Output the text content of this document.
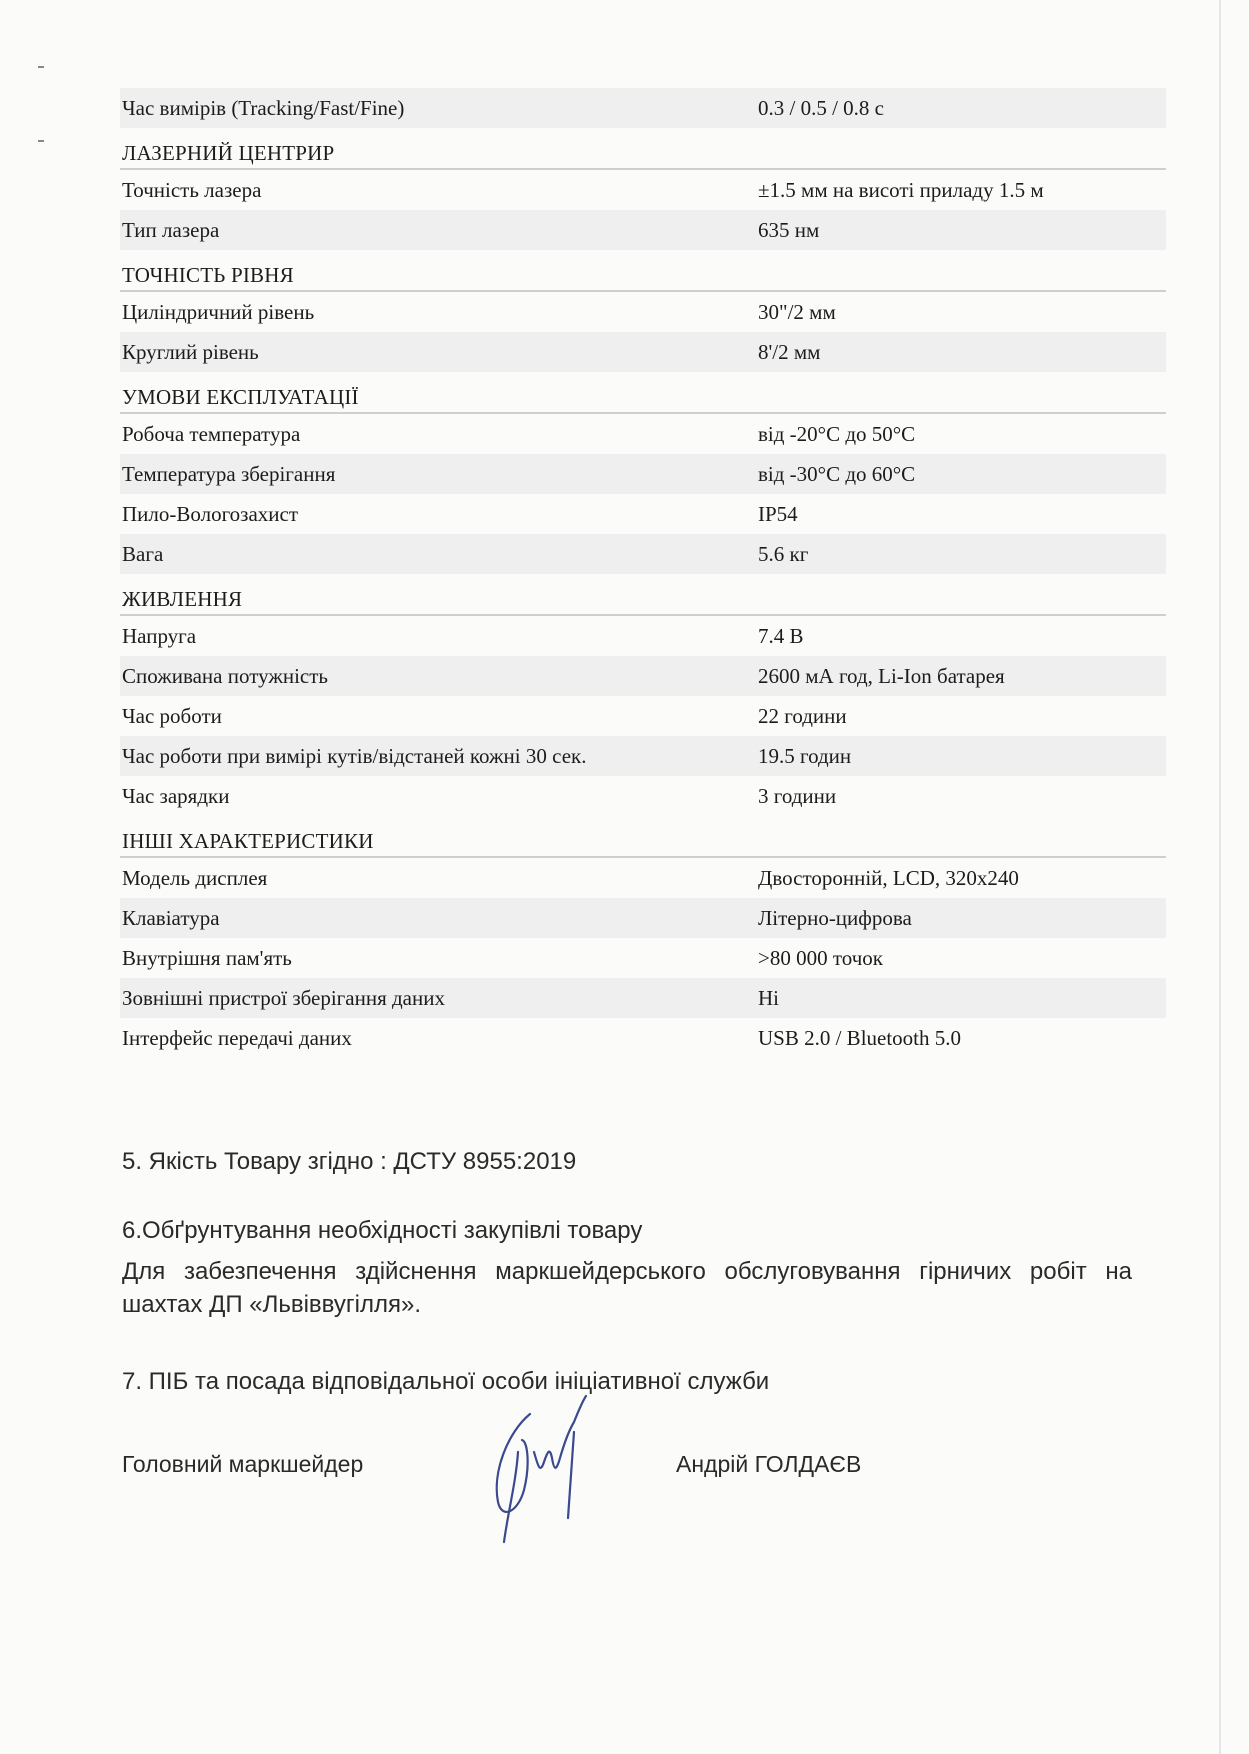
Час вимірів (Tracking/Fast/Fine)	0.3 / 0.5 / 0.8 с
ЛАЗЕРНИЙ ЦЕНТРИР
Точність лазера	±1.5 мм на висоті приладу 1.5 м
Тип лазера	635 нм
ТОЧНІСТЬ РІВНЯ
Циліндричний рівень	30"/2 мм
Круглий рівень	8'/2 мм
УМОВИ ЕКСПЛУАТАЦІЇ
Робоча температура	від -20°C до 50°C
Температура зберігання	від -30°C до 60°C
Пило-Вологозахист	IP54
Вага	5.6 кг
ЖИВЛЕННЯ
Напруга	7.4 В
Споживана потужність	2600 мА год, Li-Ion батарея
Час роботи	22 години
Час роботи при вимірі кутів/відстаней кожні 30 сек.	19.5 годин
Час зарядки	3 години
ІНШІ ХАРАКТЕРИСТИКИ
Модель дисплея	Двосторонній, LCD, 320x240
Клавіатура	Літерно-цифрова
Внутрішня пам'ять	>80 000 точок
Зовнішні пристрої зберігання даних	Ні
Інтерфейс передачі даних	USB 2.0 / Bluetooth 5.0
5. Якість Товару згідно : ДСТУ 8955:2019
6.Обґрунтування необхідності закупівлі товару
Для забезпечення здійснення маркшейдерського обслуговування гірничих робіт на шахтах ДП «Львіввугілля».
7. ПІБ та посада відповідальної особи ініціативної служби
Головний маркшейдер	Андрій ГОЛДАЄВ
